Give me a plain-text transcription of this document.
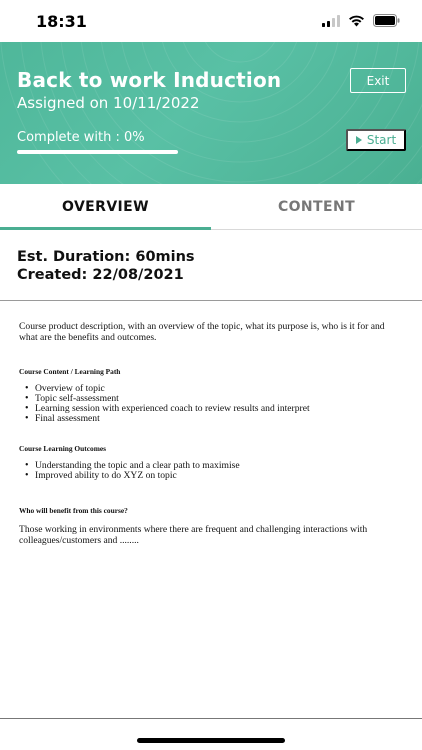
18:31
Back to work Induction
Assigned on 10/11/2022
Exit
Complete with : 0%	Start
OVERVIEW	CONTENT
Est. Duration: 60mins
Created: 22/08/2021

Course product description, with an overview of the topic, what its purpose is, who is it for and what are the benefits and outcomes.

Course Content / Learning Path
• Overview of topic
• Topic self-assessment
• Learning session with experienced coach to review results and interpret
• Final assessment
Course Learning Outcomes
• Understanding the topic and a clear path to maximise
• Improved ability to do XYZ on topic
Who will benefit from this course?

Those working in environments where there are frequent and challenging interactions with colleagues/customers and ........
